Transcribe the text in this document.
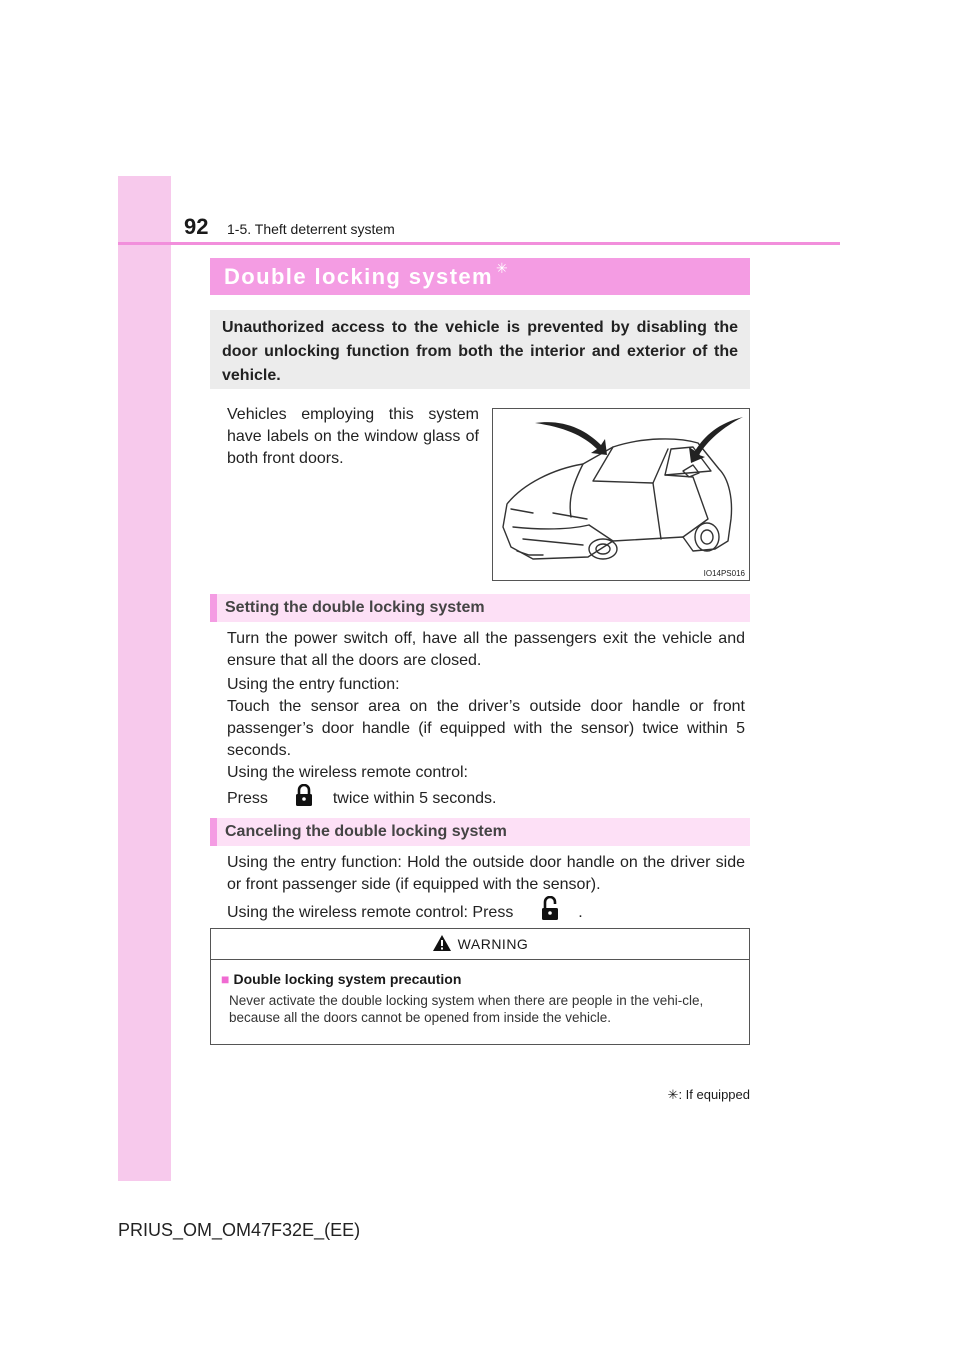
92 1-5. Theft deterrent system
Double locking system ✳
Unauthorized access to the vehicle is prevented by disabling the door unlocking function from both the interior and exterior of the vehicle.
Vehicles employing this system have labels on the window glass of both front doors.
IO14PS016
Setting the double locking system
Turn the power switch off, have all the passengers exit the vehicle and ensure that all the doors are closed.
Using the entry function:
Touch the sensor area on the driver’s outside door handle or front passenger’s door handle (if equipped with the sensor) twice within 5 seconds.
Using the wireless remote control:
Press	twice within 5 seconds.
Canceling the double locking system
Using the entry function: Hold the outside door handle on the driver side or front passenger side (if equipped with the sensor).
Using the wireless remote control: Press	.
WARNING
■ Double locking system precaution
Never activate the double locking system when there are people in the vehi-cle, because all the doors cannot be opened from inside the vehicle.
✳: If equipped
PRIUS_OM_OM47F32E_(EE)
